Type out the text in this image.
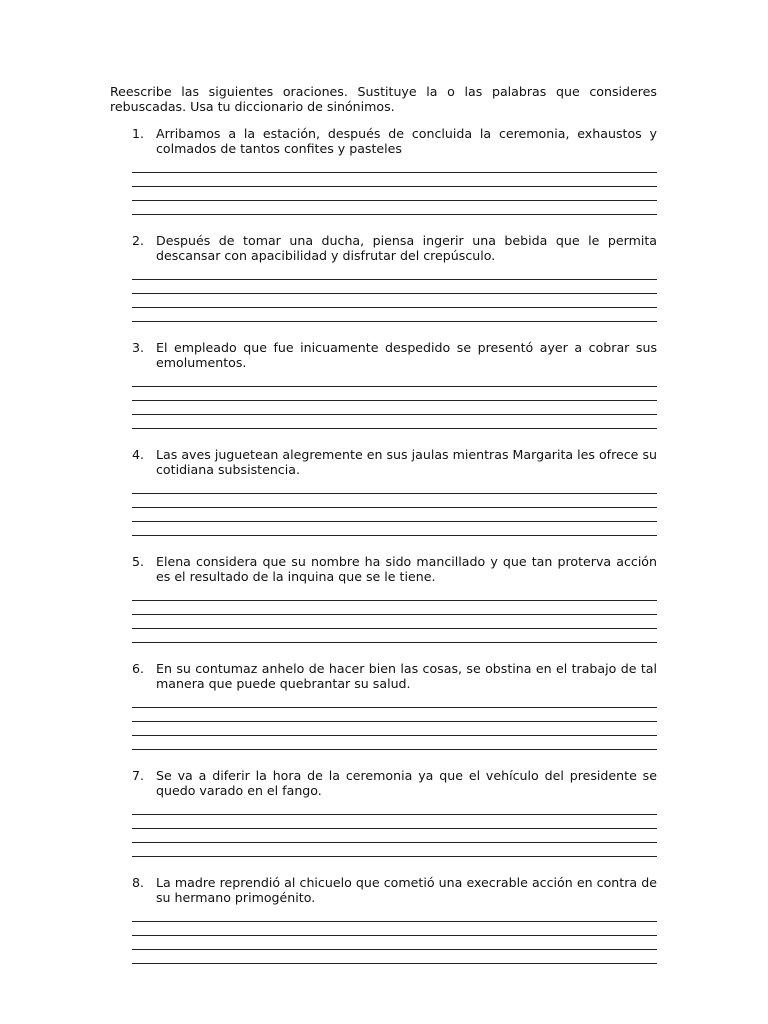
Reescribe las siguientes oraciones. Sustituye la o las palabras que consideres rebuscadas. Usa tu diccionario de sinónimos.

1. Arribamos a la estación, después de concluida la ceremonia, exhaustos y colmados de tantos confites y pasteles
2. Después de tomar una ducha, piensa ingerir una bebida que le permita descansar con apacibilidad y disfrutar del crepúsculo.
3. El empleado que fue inicuamente despedido se presentó ayer a cobrar sus emolumentos.
4. Las aves juguetean alegremente en sus jaulas mientras Margarita les ofrece su cotidiana subsistencia.
5. Elena considera que su nombre ha sido mancillado y que tan proterva acción es el resultado de la inquina que se le tiene.
6. En su contumaz anhelo de hacer bien las cosas, se obstina en el trabajo de tal manera que puede quebrantar su salud.
7. Se va a diferir la hora de la ceremonia ya que el vehículo del presidente se quedo varado en el fango.
8. La madre reprendió al chicuelo que cometió una execrable acción en contra de su hermano primogénito.
